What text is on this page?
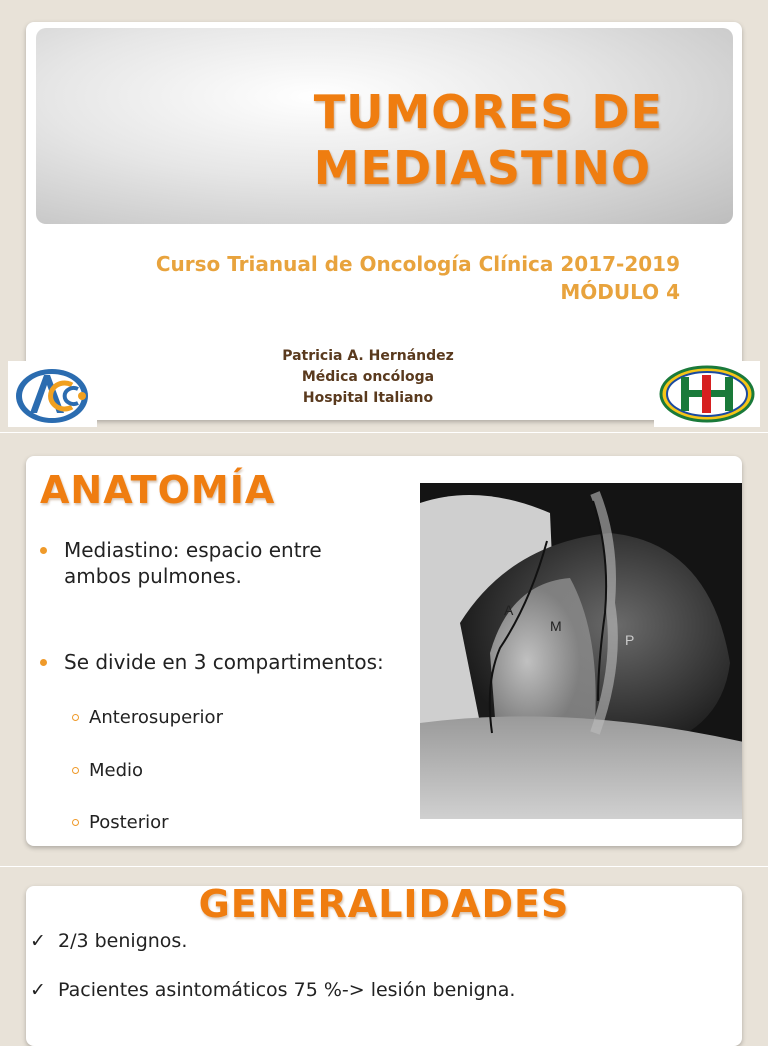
TUMORES DE
MEDIASTINO
Curso Trianual de Oncología Clínica 2017-2019
MÓDULO 4
Patricia A. Hernández
Médica oncóloga
Hospital Italiano
ANATOMÍA
Mediastino: espacio entre ambos pulmones.
Se divide en 3 compartimentos:
Anterosuperior
Medio
Posterior
A
M
P
GENERALIDADES
✓ 2/3 benignos.
✓ Pacientes asintomáticos 75 %-> lesión benigna.
